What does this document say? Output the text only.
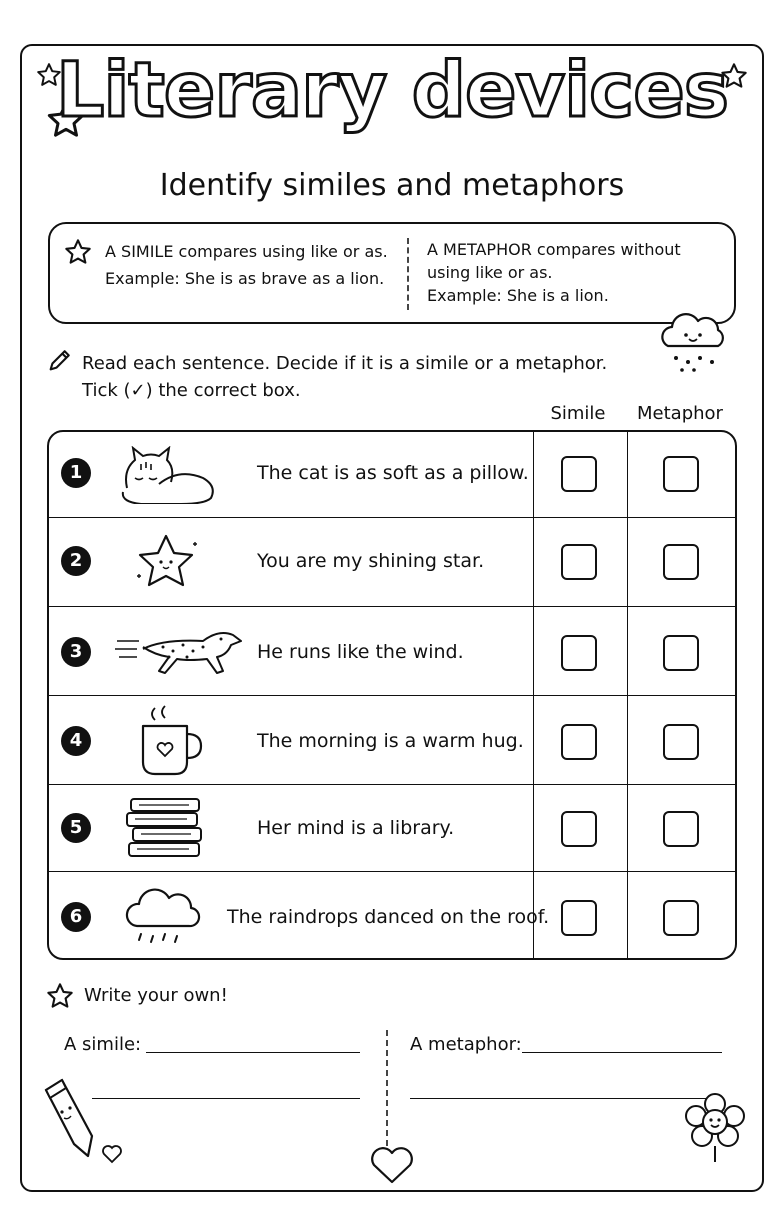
Literary devices
Identify similes and metaphors
A SIMILE compares using like or as.
Example: She is as brave as a lion.
A METAPHOR compares without
using like or as.
Example: She is a lion.
Read each sentence. Decide if it is a simile or a metaphor.
Tick (✓) the correct box.
Simile	Metaphor
1	The cat is as soft as a pillow.
2	You are my shining star.
3	He runs like the wind.
4	The morning is a warm hug.
5	Her mind is a library.
6	The raindrops danced on the roof.
Write your own!
A simile:	A metaphor:
